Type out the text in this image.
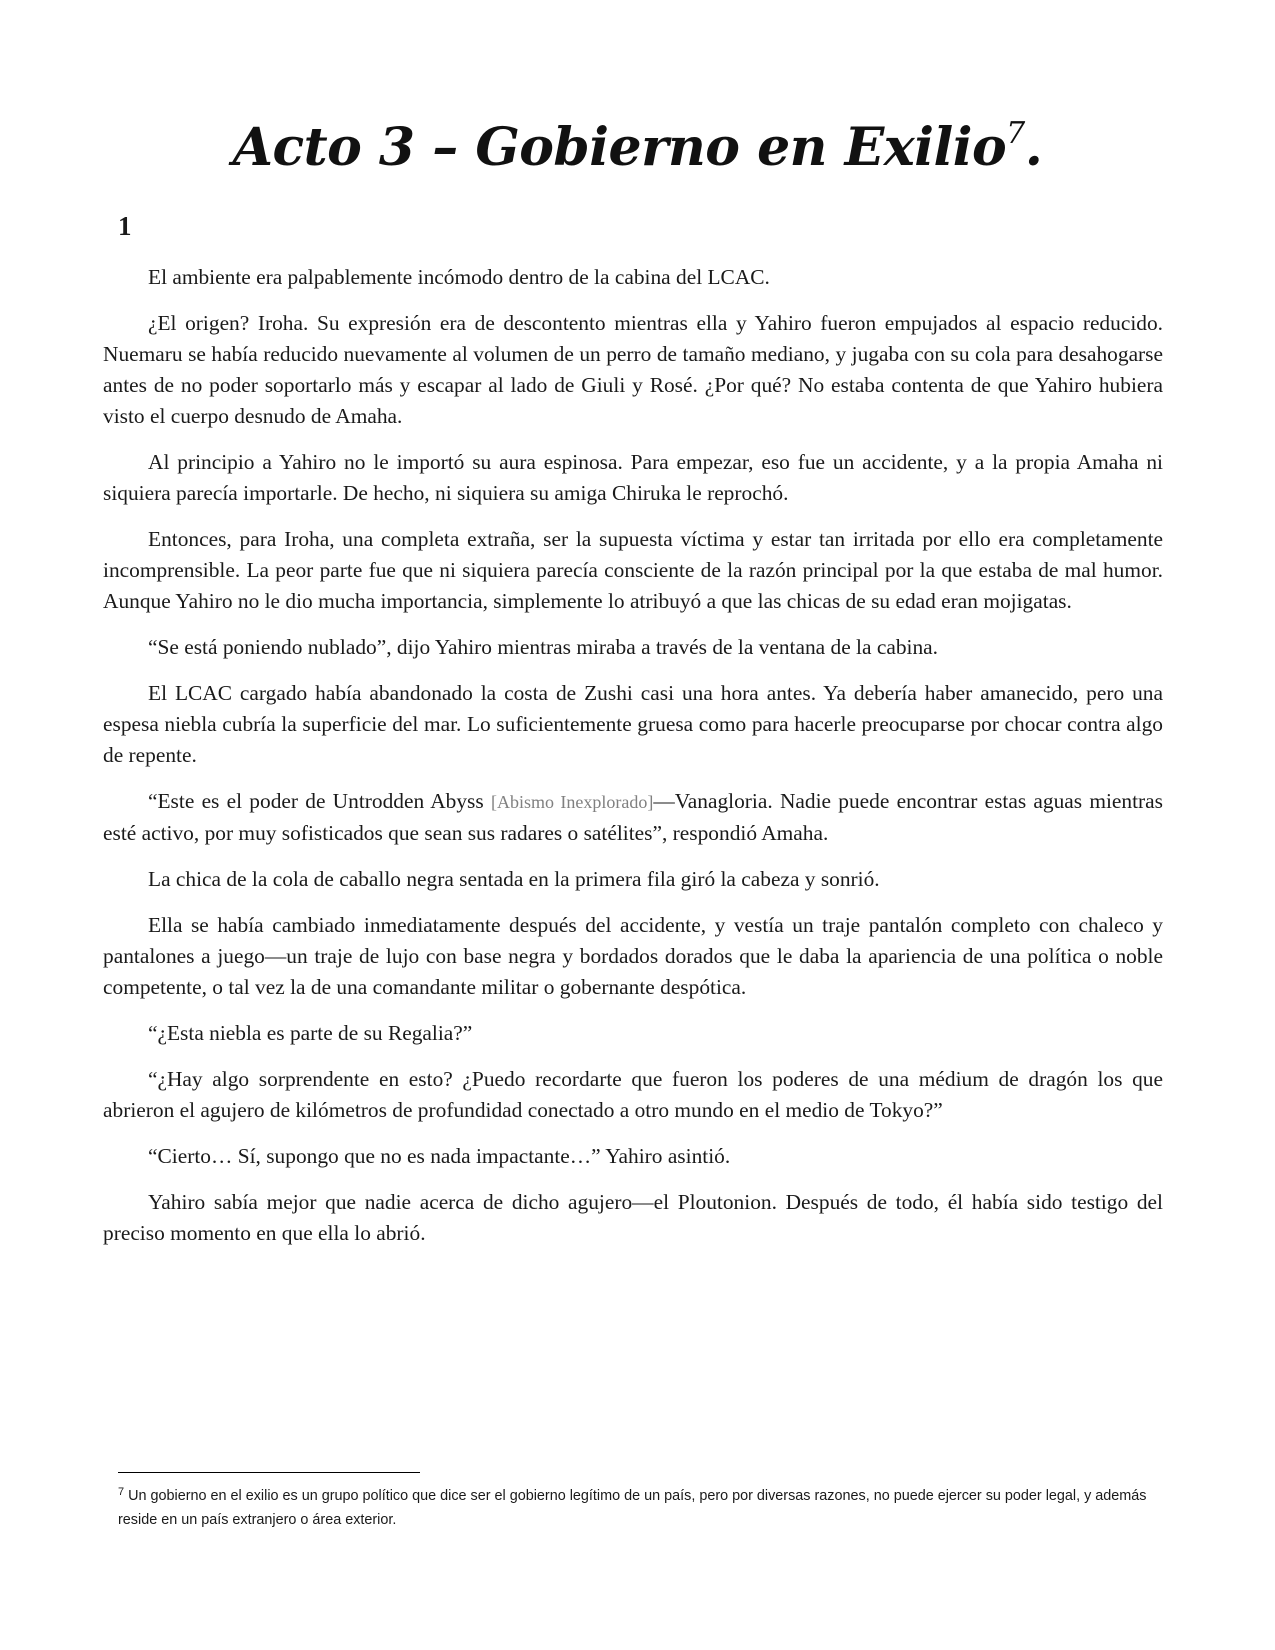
Acto 3 – Gobierno en Exilio$^7$.
1

El ambiente era palpablemente incómodo dentro de la cabina del LCAC.

¿El origen? Iroha. Su expresión era de descontento mientras ella y Yahiro fueron empujados al espacio reducido. Nuemaru se había reducido nuevamente al volumen de un perro de tamaño mediano, y jugaba con su cola para desahogarse antes de no poder soportarlo más y escapar al lado de Giuli y Rosé. ¿Por qué? No estaba contenta de que Yahiro hubiera visto el cuerpo desnudo de Amaha.

Al principio a Yahiro no le importó su aura espinosa. Para empezar, eso fue un accidente, y a la propia Amaha ni siquiera parecía importarle. De hecho, ni siquiera su amiga Chiruka le reprochó.

Entonces, para Iroha, una completa extraña, ser la supuesta víctima y estar tan irritada por ello era completamente incomprensible. La peor parte fue que ni siquiera parecía consciente de la razón principal por la que estaba de mal humor. Aunque Yahiro no le dio mucha importancia, simplemente lo atribuyó a que las chicas de su edad eran mojigatas.

“Se está poniendo nublado”, dijo Yahiro mientras miraba a través de la ventana de la cabina.

El LCAC cargado había abandonado la costa de Zushi casi una hora antes. Ya debería haber amanecido, pero una espesa niebla cubría la superficie del mar. Lo suficientemente gruesa como para hacerle preocuparse por chocar contra algo de repente.

“Este es el poder de Untrodden Abyss [Abismo Inexplorado]—Vanagloria. Nadie puede encontrar estas aguas mientras esté activo, por muy sofisticados que sean sus radares o satélites”, respondió Amaha.

La chica de la cola de caballo negra sentada en la primera fila giró la cabeza y sonrió.

Ella se había cambiado inmediatamente después del accidente, y vestía un traje pantalón completo con chaleco y pantalones a juego—un traje de lujo con base negra y bordados dorados que le daba la apariencia de una política o noble competente, o tal vez la de una comandante militar o gobernante despótica.

“¿Esta niebla es parte de su Regalia?”

“¿Hay algo sorprendente en esto? ¿Puedo recordarte que fueron los poderes de una médium de dragón los que abrieron el agujero de kilómetros de profundidad conectado a otro mundo en el medio de Tokyo?”

“Cierto… Sí, supongo que no es nada impactante…” Yahiro asintió.

Yahiro sabía mejor que nadie acerca de dicho agujero—el Ploutonion. Después de todo, él había sido testigo del preciso momento en que ella lo abrió.

$^7$ Un gobierno en el exilio es un grupo político que dice ser el gobierno legítimo de un país, pero por diversas razones, no puede ejercer su poder legal, y además reside en un país extranjero o área exterior.
